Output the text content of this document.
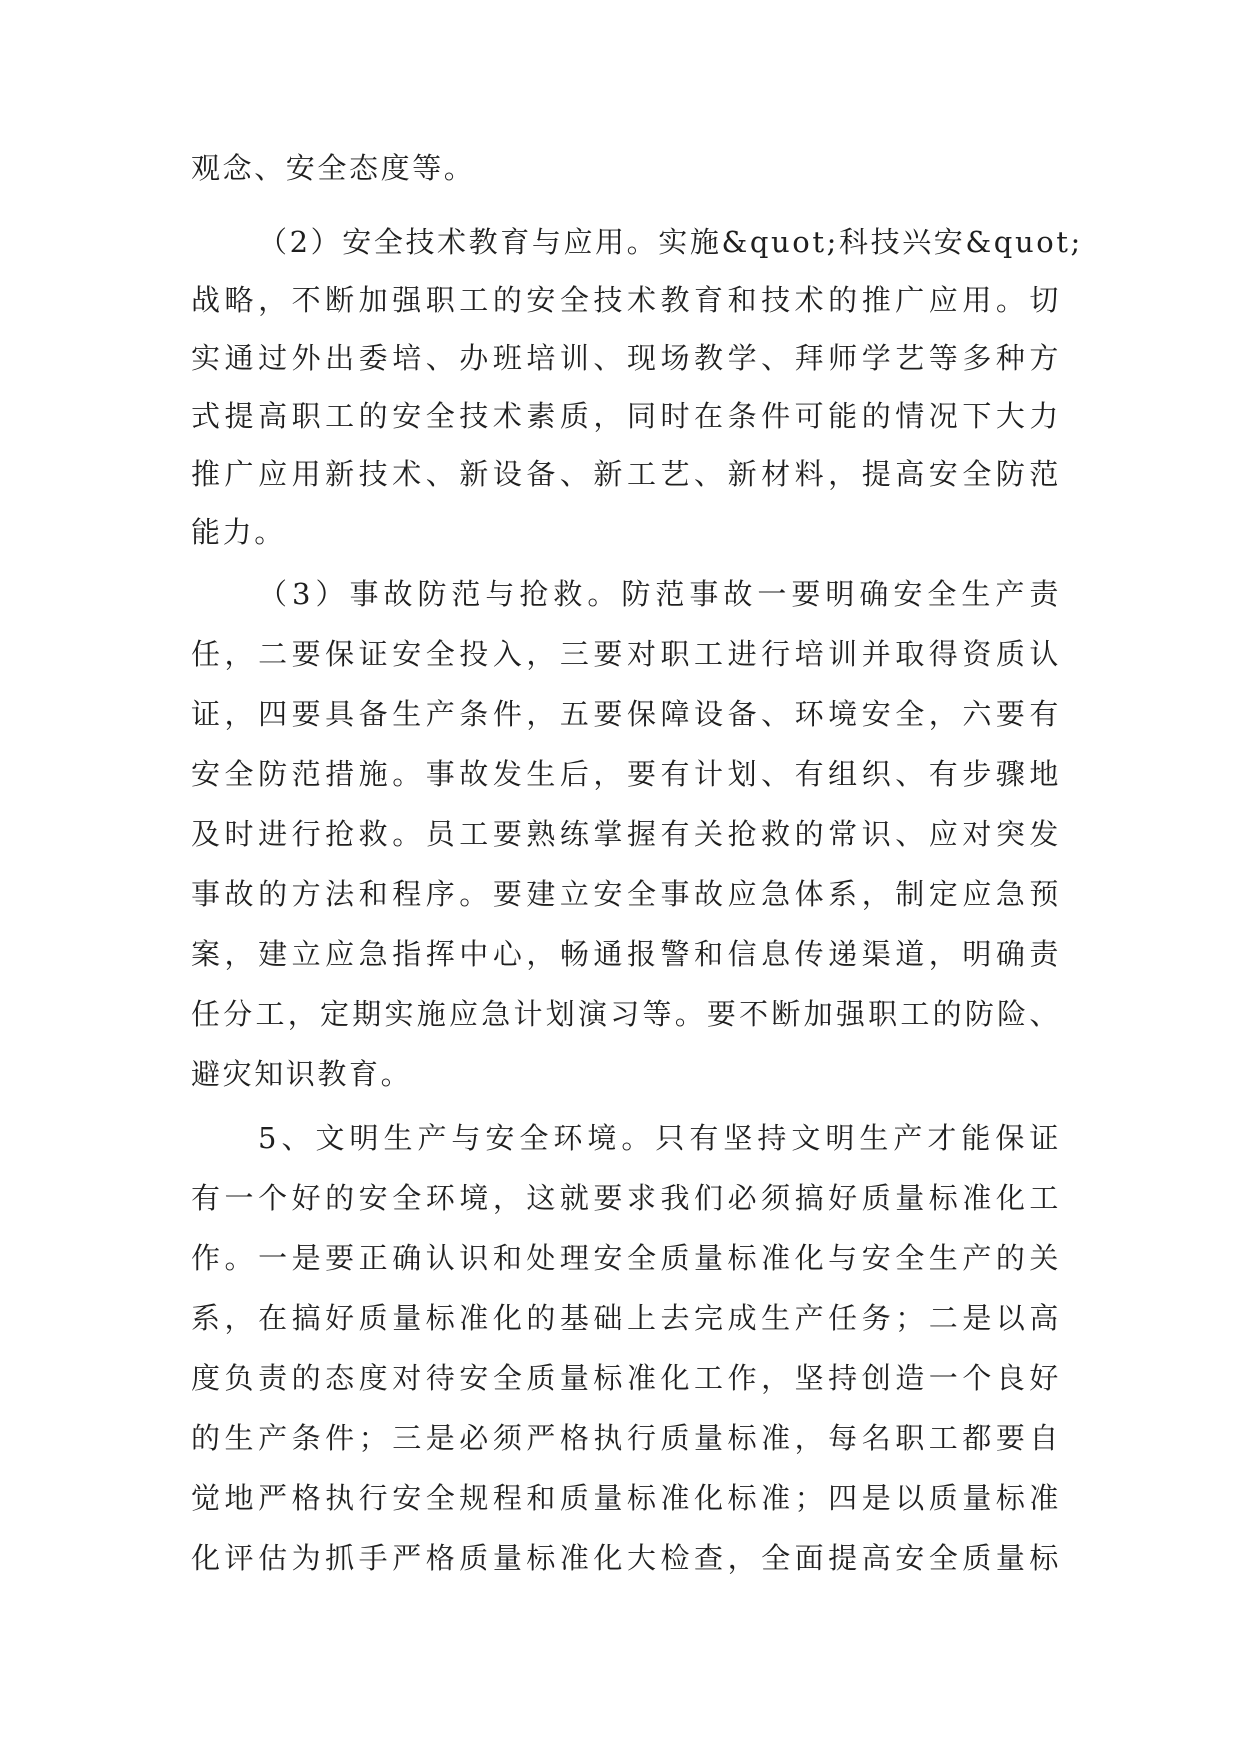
观念、安全态度等。
（2）安全技术教育与应用。实施&quot;科技兴安&quot;
战略，不断加强职工的安全技术教育和技术的推广应用。切
实通过外出委培、办班培训、现场教学、拜师学艺等多种方
式提高职工的安全技术素质，同时在条件可能的情况下大力
推广应用新技术、新设备、新工艺、新材料，提高安全防范
能力。
（3）事故防范与抢救。防范事故一要明确安全生产责
任，二要保证安全投入，三要对职工进行培训并取得资质认
证，四要具备生产条件，五要保障设备、环境安全，六要有
安全防范措施。事故发生后，要有计划、有组织、有步骤地
及时进行抢救。员工要熟练掌握有关抢救的常识、应对突发
事故的方法和程序。要建立安全事故应急体系，制定应急预
案，建立应急指挥中心，畅通报警和信息传递渠道，明确责
任分工，定期实施应急计划演习等。要不断加强职工的防险、
避灾知识教育。
5、文明生产与安全环境。只有坚持文明生产才能保证
有一个好的安全环境，这就要求我们必须搞好质量标准化工
作。一是要正确认识和处理安全质量标准化与安全生产的关
系，在搞好质量标准化的基础上去完成生产任务；二是以高
度负责的态度对待安全质量标准化工作，坚持创造一个良好
的生产条件；三是必须严格执行质量标准，每名职工都要自
觉地严格执行安全规程和质量标准化标准；四是以质量标准
化评估为抓手严格质量标准化大检查，全面提高安全质量标
